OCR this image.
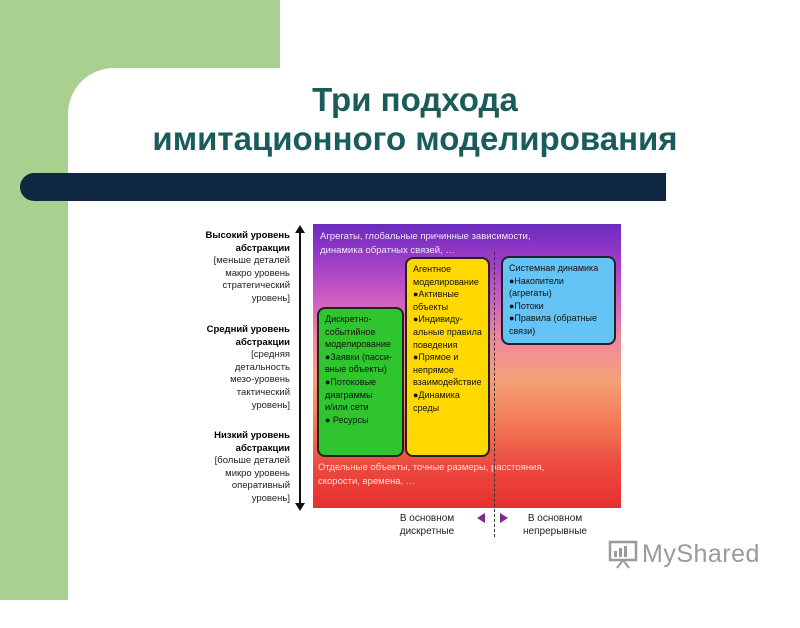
Три подхода
имитационного моделирования
Высокий уровень
абстракции
[меньше деталей
макро уровень
стратегический
уровень]
Средний уровень
абстракции
[средняя
детальность
мезо-уровень
тактический
уровень]
Низкий уровень
абстракции
[больше деталей
микро уровень
оперативный
уровень]
Агрегаты, глобальные причинные зависимости,
динамика обратных связей, …
Отдельные объекты, точные размеры, расстояния,
скорости, времена, …
Дискретно-
событийное
моделирование
●Заявки (пасси-
вные объекты)
●Потоковые
диаграммы
и/или сети
● Ресурсы
Агентное
моделирование
●Активные
объекты
●Индивиду-
альные правила
поведения
●Прямое и
непрямое
взаимодействие
●Динамика
среды
Системная динамика
●Накопители (агрегаты)
●Потоки
●Правила (обратные
связи)
В основном
дискретные
В основном
непрерывные
MyShared
